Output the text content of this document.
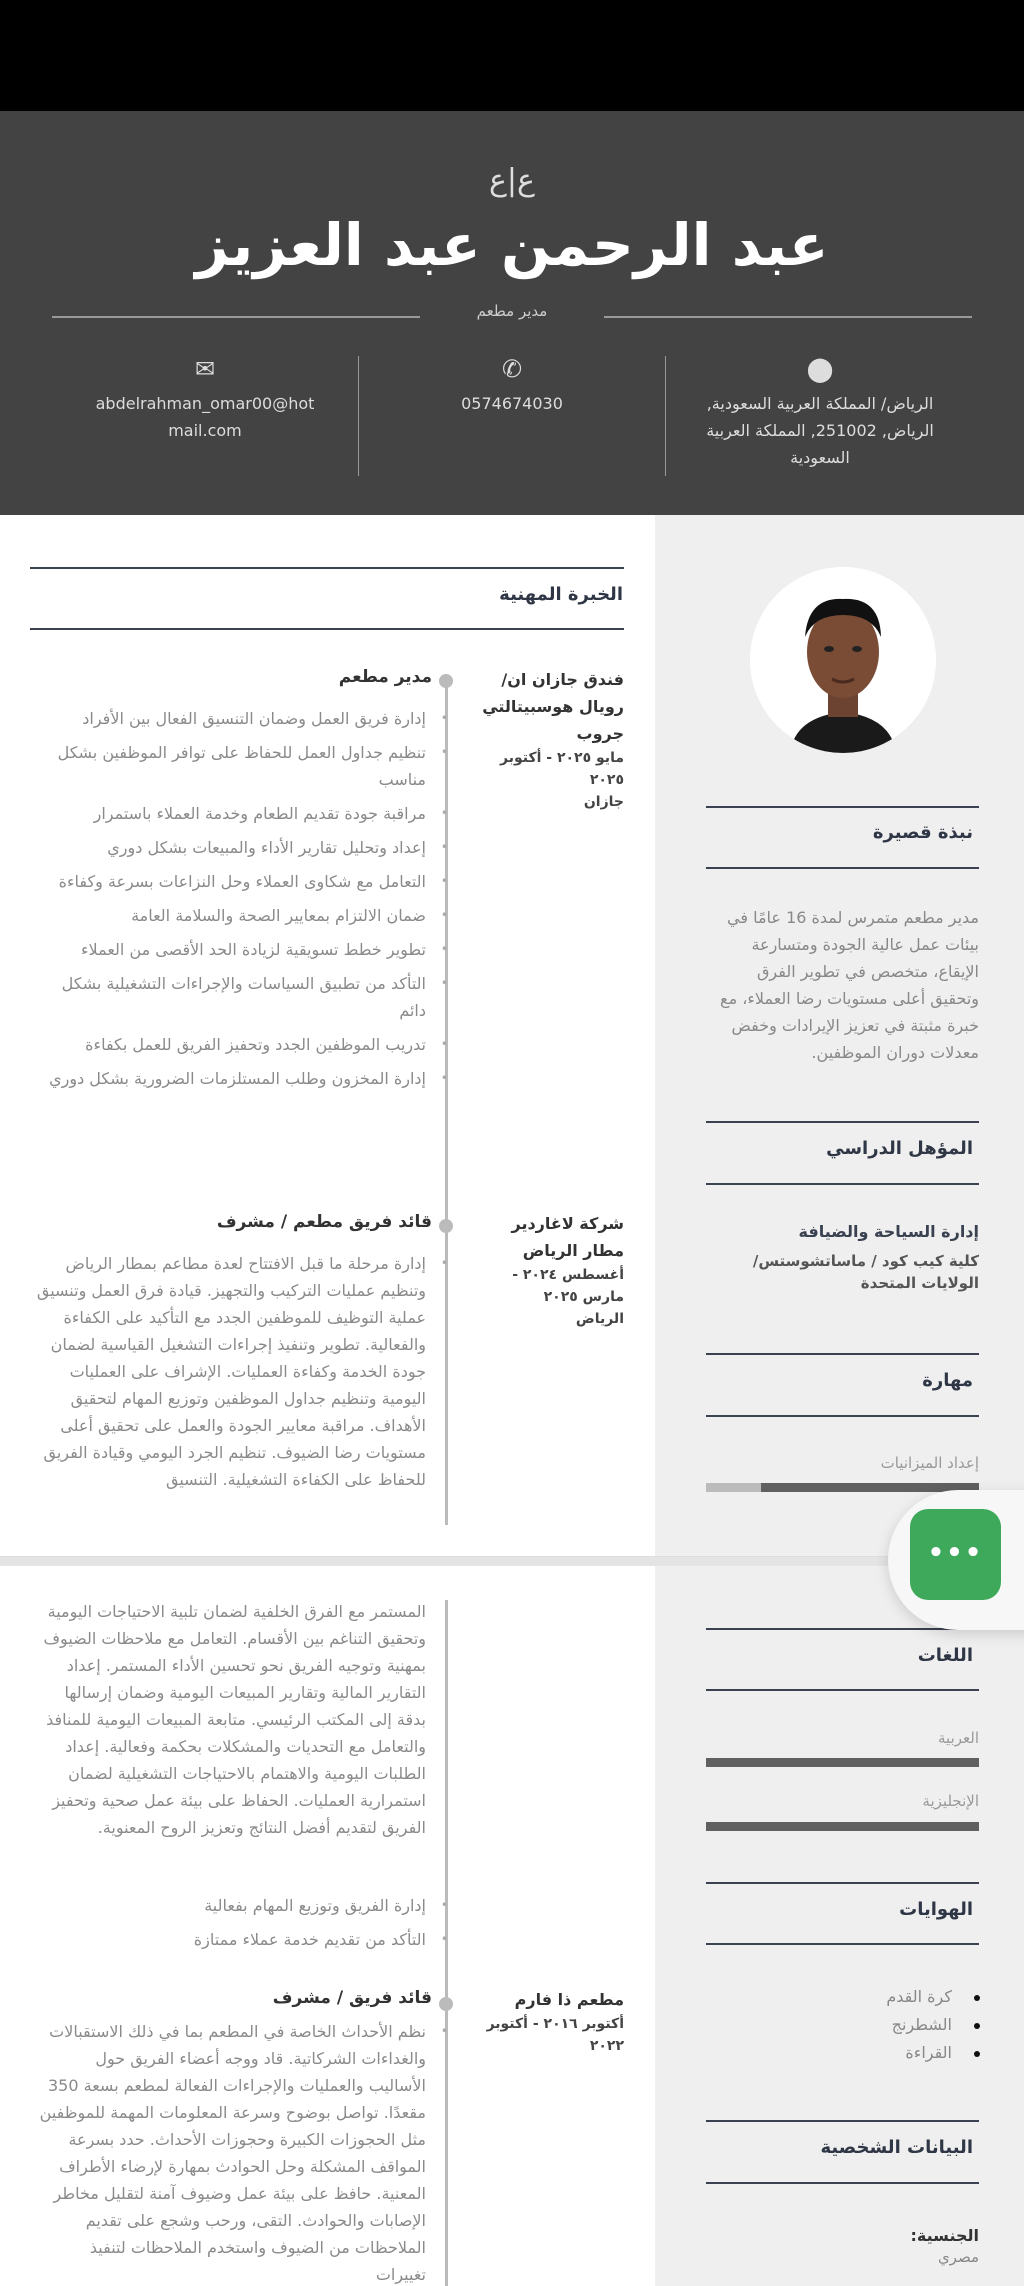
ع|ع
عبد الرحمن عبد العزيز
مدير مطعم
✉
abdelrahman_omar00@hotmail.com
✆
0574674030
⬤
الرياض/ المملكة العربية السعودية, الرياض, 251002, المملكة العربية السعودية
الخبرة المهنية
فندق جازان ان/ رويال هوسبيتالتي جروب
مايو ٢٠٢٥ - أكتوبر ٢٠٢٥
جازان
مدير مطعم
• إدارة فريق العمل وضمان التنسيق الفعال بين الأفراد
• تنظيم جداول العمل للحفاظ على توافر الموظفين بشكل مناسب
• مراقبة جودة تقديم الطعام وخدمة العملاء باستمرار
• إعداد وتحليل تقارير الأداء والمبيعات بشكل دوري
• التعامل مع شكاوى العملاء وحل النزاعات بسرعة وكفاءة
• ضمان الالتزام بمعايير الصحة والسلامة العامة
• تطوير خطط تسويقية لزيادة الحد الأقصى من العملاء
• التأكد من تطبيق السياسات والإجراءات التشغيلية بشكل دائم
• تدريب الموظفين الجدد وتحفيز الفريق للعمل بكفاءة
• إدارة المخزون وطلب المستلزمات الضرورية بشكل دوري
شركة لاغاردير مطار الرياض
أغسطس ٢٠٢٤ - مارس ٢٠٢٥
الرياض
قائد فريق مطعم / مشرف
• إدارة مرحلة ما قبل الافتتاح لعدة مطاعم بمطار الرياض وتنظيم عمليات التركيب والتجهيز. قيادة فرق العمل وتنسيق عملية التوظيف للموظفين الجدد مع التأكيد على الكفاءة والفعالية. تطوير وتنفيذ إجراءات التشغيل القياسية لضمان جودة الخدمة وكفاءة العمليات. الإشراف على العمليات اليومية وتنظيم جداول الموظفين وتوزيع المهام لتحقيق الأهداف. مراقبة معايير الجودة والعمل على تحقيق أعلى مستويات رضا الضيوف. تنظيم الجرد اليومي وقيادة الفريق للحفاظ على الكفاءة التشغيلية. التنسيق
المستمر مع الفرق الخلفية لضمان تلبية الاحتياجات اليومية وتحقيق التناغم بين الأقسام. التعامل مع ملاحظات الضيوف بمهنية وتوجيه الفريق نحو تحسين الأداء المستمر. إعداد التقارير المالية وتقارير المبيعات اليومية وضمان إرسالها بدقة إلى المكتب الرئيسي. متابعة المبيعات اليومية للمنافذ والتعامل مع التحديات والمشكلات بحكمة وفعالية. إعداد الطلبات اليومية والاهتمام بالاحتياجات التشغيلية لضمان استمرارية العمليات. الحفاظ على بيئة عمل صحية وتحفيز الفريق لتقديم أفضل النتائج وتعزيز الروح المعنوية.
• إدارة الفريق وتوزيع المهام بفعالية
• التأكد من تقديم خدمة عملاء ممتازة
مطعم ذا فارم
أكتوبر ٢٠١٦ - أكتوبر ٢٠٢٢
قائد فريق / مشرف
• نظم الأحداث الخاصة في المطعم بما في ذلك الاستقبالات والغداءات الشركاتية. قاد ووجه أعضاء الفريق حول الأساليب والعمليات والإجراءات الفعالة لمطعم بسعة 350 مقعدًا. تواصل بوضوح وسرعة المعلومات المهمة للموظفين مثل الحجوزات الكبيرة وحجوزات الأحداث. حدد بسرعة المواقف المشكلة وحل الحوادث بمهارة لإرضاء الأطراف المعنية. حافظ على بيئة عمل وضيوف آمنة لتقليل مخاطر الإصابات والحوادث. التقى، ورحب وشجع على تقديم الملاحظات من الضيوف واستخدم الملاحظات لتنفيذ تغييرات
نبذة قصيرة
مدير مطعم متمرس لمدة 16 عامًا في بيئات عمل عالية الجودة ومتسارعة الإيقاع، متخصص في تطوير الفرق وتحقيق أعلى مستويات رضا العملاء، مع خبرة مثبتة في تعزيز الإيرادات وخفض معدلات دوران الموظفين.
المؤهل الدراسي
إدارة السياحة والضيافة
كلية كيب كود / ماساتشوستس/ الولايات المتحدة
مهارة
إعداد الميزانيات
اللغات
العربية
الإنجليزية
الهوايات
كرة القدم
الشطرنج
القراءة
البيانات الشخصية
الجنسية:
مصري
•••
